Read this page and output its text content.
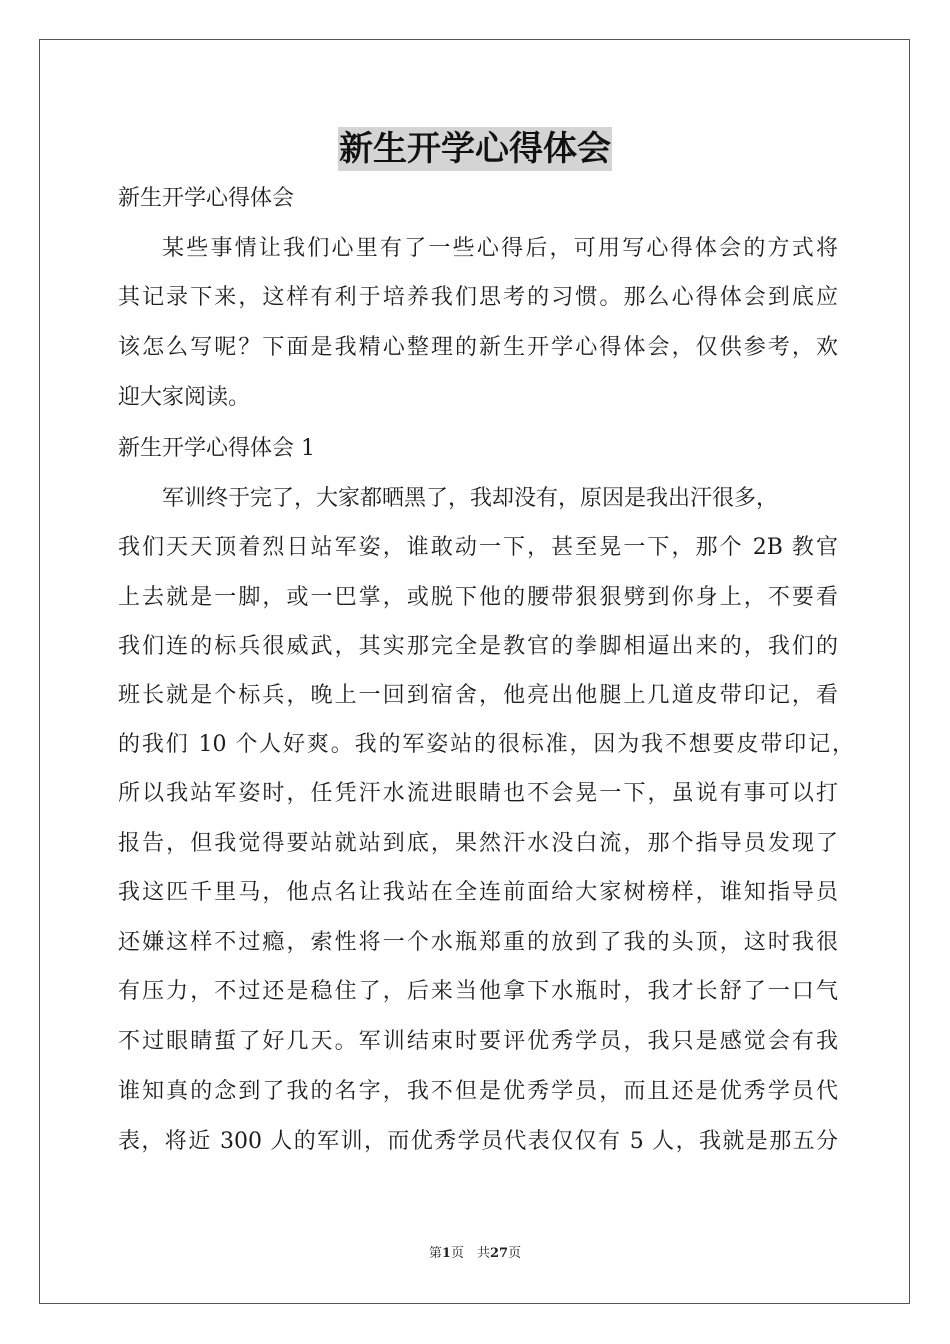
新生开学心得体会
新生开学心得体会
某些事情让我们心里有了一些心得后，可用写心得体会的方式将
其记录下来，这样有利于培养我们思考的习惯。那么心得体会到底应
该怎么写呢？下面是我精心整理的新生开学心得体会，仅供参考，欢
迎大家阅读。
新生开学心得体会 1
军训终于完了，大家都晒黑了，我却没有，原因是我出汗很多，
我们天天顶着烈日站军姿，谁敢动一下，甚至晃一下，那个 2B 教官
上去就是一脚，或一巴掌，或脱下他的腰带狠狠劈到你身上，不要看
我们连的标兵很威武，其实那完全是教官的拳脚相逼出来的，我们的
班长就是个标兵，晚上一回到宿舍，他亮出他腿上几道皮带印记，看
的我们 10 个人好爽。我的军姿站的很标准，因为我不想要皮带印记，
所以我站军姿时，任凭汗水流进眼睛也不会晃一下，虽说有事可以打
报告，但我觉得要站就站到底，果然汗水没白流，那个指导员发现了
我这匹千里马，他点名让我站在全连前面给大家树榜样，谁知指导员
还嫌这样不过瘾，索性将一个水瓶郑重的放到了我的头顶，这时我很
有压力，不过还是稳住了，后来当他拿下水瓶时，我才长舒了一口气
不过眼睛蜇了好几天。军训结束时要评优秀学员，我只是感觉会有我
谁知真的念到了我的名字，我不但是优秀学员，而且还是优秀学员代
表，将近 300 人的军训，而优秀学员代表仅仅有 5 人，我就是那五分
第1页　共27页
